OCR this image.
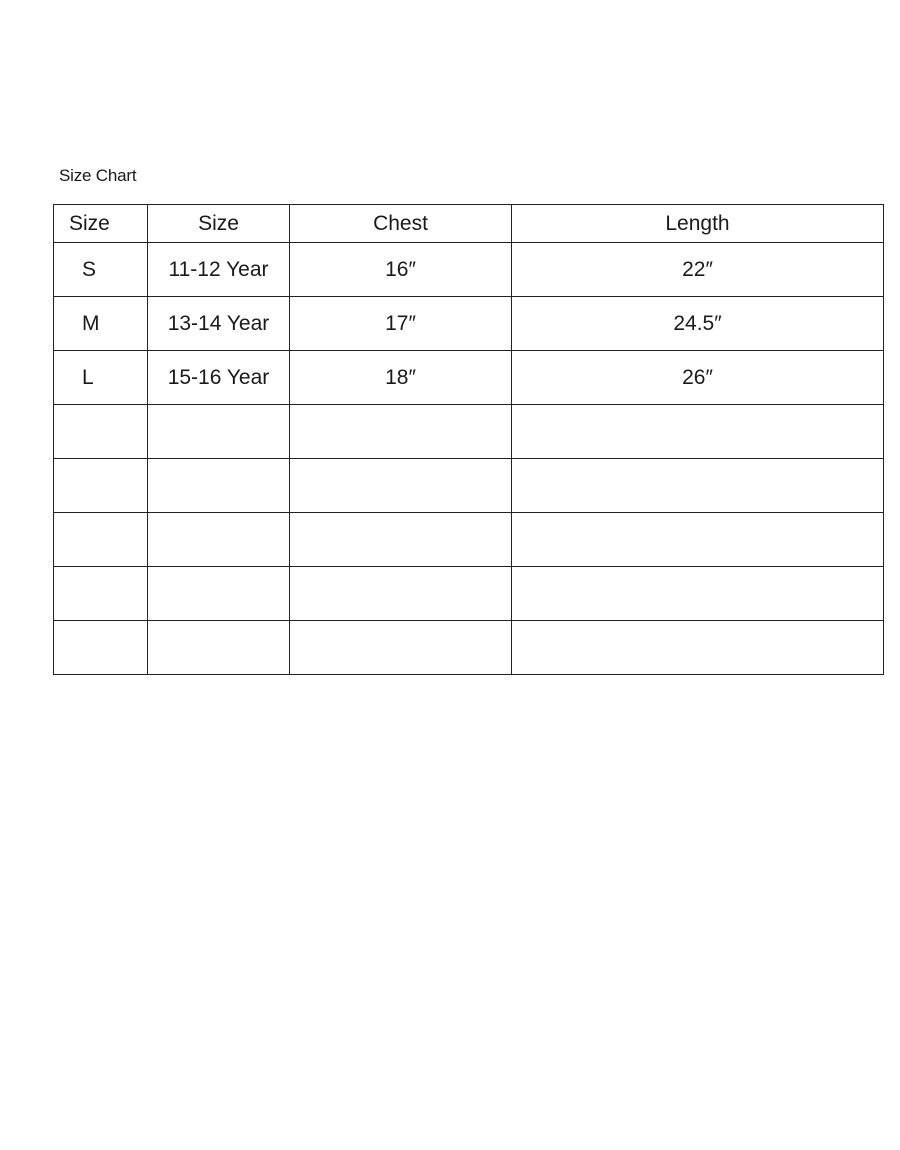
Size Chart
Size	Size	Chest	Length
S	11-12 Year	16″	22″
M	13-14 Year	17″	24.5″
L	15-16 Year	18″	26″
